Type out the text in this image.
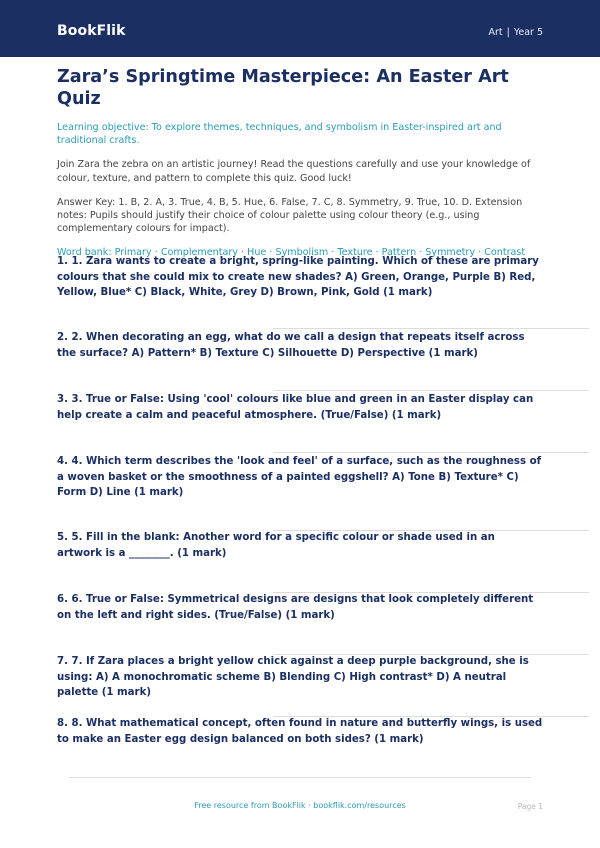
BookFlik	Art | Year 5
Zara’s Springtime Masterpiece: An Easter Art Quiz
Learning objective: To explore themes, techniques, and symbolism in Easter-inspired art and traditional crafts.
Join Zara the zebra on an artistic journey! Read the questions carefully and use your knowledge of colour, texture, and pattern to complete this quiz. Good luck!
Answer Key: 1. B, 2. A, 3. True, 4. B, 5. Hue, 6. False, 7. C, 8. Symmetry, 9. True, 10. D. Extension notes: Pupils should justify their choice of colour palette using colour theory (e.g., using complementary colours for impact).
Word bank: Primary · Complementary · Hue · Symbolism · Texture · Pattern · Symmetry · Contrast

1. 1. Zara wants to create a bright, spring-like painting. Which of these are primary colours that she could mix to create new shades? A) Green, Orange, Purple B) Red, Yellow, Blue* C) Black, White, Grey D) Brown, Pink, Gold (1 mark)

2. 2. When decorating an egg, what do we call a design that repeats itself across the surface? A) Pattern* B) Texture C) Silhouette D) Perspective (1 mark)

3. 3. True or False: Using 'cool' colours like blue and green in an Easter display can help create a calm and peaceful atmosphere. (True/False) (1 mark)

4. 4. Which term describes the 'look and feel' of a surface, such as the roughness of a woven basket or the smoothness of a painted eggshell? A) Tone B) Texture* C) Form D) Line (1 mark)

5. 5. Fill in the blank: Another word for a specific colour or shade used in an artwork is a ________. (1 mark)

6. 6. True or False: Symmetrical designs are designs that look completely different on the left and right sides. (True/False) (1 mark)

7. 7. If Zara places a bright yellow chick against a deep purple background, she is using: A) A monochromatic scheme B) Blending C) High contrast* D) A neutral palette (1 mark)

8. 8. What mathematical concept, often found in nature and butterfly wings, is used to make an Easter egg design balanced on both sides? (1 mark)

Free resource from BookFlik · bookflik.com/resources	Page 1
